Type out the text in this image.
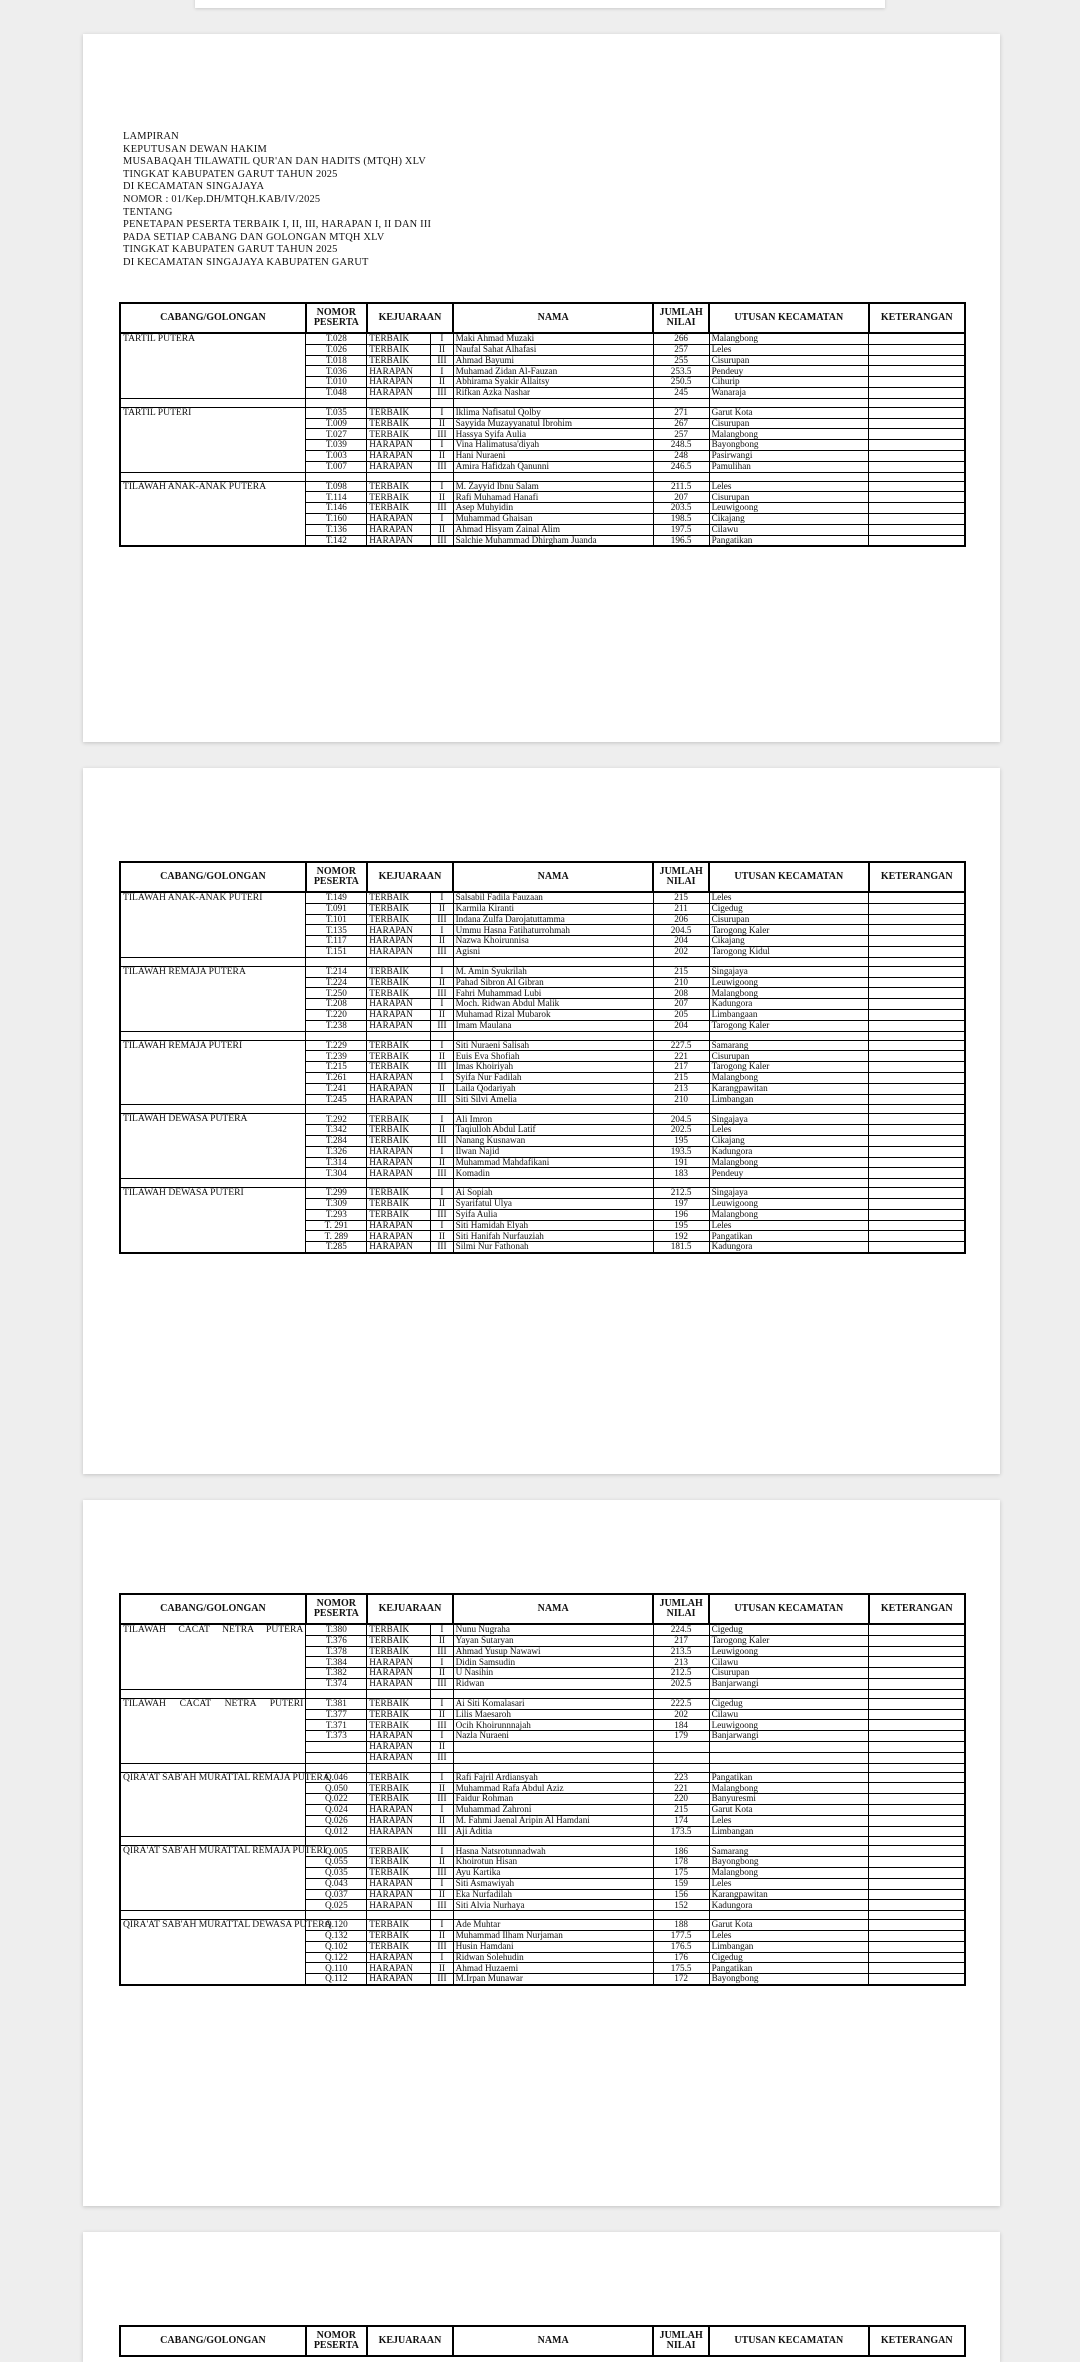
LAMPIRAN
KEPUTUSAN DEWAN HAKIM
MUSABAQAH TILAWATIL QUR'AN DAN HADITS (MTQH) XLV
TINGKAT KABUPATEN GARUT TAHUN 2025
DI KECAMATAN SINGAJAYA
NOMOR : 01/Kep.DH/MTQH.KAB/IV/2025
TENTANG
PENETAPAN PESERTA TERBAIK I, II, III, HARAPAN I, II DAN III
PADA SETIAP CABANG DAN GOLONGAN MTQH XLV
TINGKAT KABUPATEN GARUT TAHUN 2025
DI KECAMATAN SINGAJAYA KABUPATEN GARUT
CABANG/GOLONGAN	NOMOR PESERTA	KEJUARAAN		NAMA	JUMLAH NILAI	UTUSAN KECAMATAN	KETERANGAN
TARTIL PUTERA	T.028	TERBAIK	I	Maki Ahmad Muzaki	266	Malangbong	
	T.026	TERBAIK	II	Naufal Sahat Alhafasi	257	Leles	
	T.018	TERBAIK	III	Ahmad Bayumi	255	Cisurupan	
	T.036	HARAPAN	I	Muhamad Zidan Al-Fauzan	253.5	Pendeuy	
	T.010	HARAPAN	II	Abhirama Syakir Allaitsy	250.5	Cihurip	
	T.048	HARAPAN	III	Rifkan Azka Nashar	245	Wanaraja	

TARTIL PUTERI	T.035	TERBAIK	I	Iklima Nafisatul Qolby	271	Garut Kota	
	T.009	TERBAIK	II	Sayyida Muzayyanatul Ibrohim	267	Cisurupan	
	T.027	TERBAIK	III	Hassya Syifa Aulia	257	Malangbong	
	T.039	HARAPAN	I	Vina Halimatusa'diyah	248.5	Bayongbong	
	T.003	HARAPAN	II	Hani Nuraeni	248	Pasirwangi	
	T.007	HARAPAN	III	Amira Hafidzah Qanunni	246.5	Pamulihan	

TILAWAH ANAK-ANAK PUTERA	T.098	TERBAIK	I	M. Zayyid Ibnu Salam	211.5	Leles	
	T.114	TERBAIK	II	Rafi Muhamad Hanafi	207	Cisurupan	
	T.146	TERBAIK	III	Asep Muhyidin	203.5	Leuwigoong	
	T.160	HARAPAN	I	Muhammad Ghaisan	198.5	Cikajang	
	T.136	HARAPAN	II	Ahmad Hisyam Zainal Alim	197.5	Cilawu	
	T.142	HARAPAN	III	Salchie Muhammad Dhirgham Juanda	196.5	Pangatikan	
CABANG/GOLONGAN	NOMOR PESERTA	KEJUARAAN		NAMA	JUMLAH NILAI	UTUSAN KECAMATAN	KETERANGAN
TILAWAH ANAK-ANAK PUTERI	T.149	TERBAIK	I	Salsabil Fadila Fauzaan	215	Leles	
	T.091	TERBAIK	II	Karmila Kiranti	211	Cigedug	
	T.101	TERBAIK	III	Indana Zulfa Darojatuttamma	206	Cisurupan	
	T.135	HARAPAN	I	Ummu Hasna Fatihaturrohmah	204.5	Tarogong Kaler	
	T.117	HARAPAN	II	Nazwa Khoirunnisa	204	Cikajang	
	T.151	HARAPAN	III	Agisni	202	Tarogong Kidul	

TILAWAH REMAJA PUTERA	T.214	TERBAIK	I	M. Amin Syukrilah	215	Singajaya	
	T.224	TERBAIK	II	Pahad Sibron Al Gibran	210	Leuwigoong	
	T.250	TERBAIK	III	Fahri Muhammad Lubi	208	Malangbong	
	T.208	HARAPAN	I	Moch. Ridwan Abdul Malik	207	Kadungora	
	T.220	HARAPAN	II	Muhamad Rizal Mubarok	205	Limbangaan	
	T.238	HARAPAN	III	Imam Maulana	204	Tarogong Kaler	

TILAWAH REMAJA PUTERI	T.229	TERBAIK	I	Siti Nuraeni Salisah	227.5	Samarang	
	T.239	TERBAIK	II	Euis Eva Shofiah	221	Cisurupan	
	T.215	TERBAIK	III	Imas Khoiriyah	217	Tarogong Kaler	
	T.261	HARAPAN	I	Syifa Nur Fadilah	215	Malangbong	
	T.241	HARAPAN	II	Laila Qodariyah	213	Karangpawitan	
	T.245	HARAPAN	III	Siti Silvi Amelia	210	Limbangan	

TILAWAH DEWASA PUTERA	T.292	TERBAIK	I	Ali Imron	204.5	Singajaya	
	T.342	TERBAIK	II	Taqiulloh Abdul Latif	202.5	Leles	
	T.284	TERBAIK	III	Nanang Kusnawan	195	Cikajang	
	T.326	HARAPAN	I	Ilwan Najid	193.5	Kadungora	
	T.314	HARAPAN	II	Muhammad Mahdafikani	191	Malangbong	
	T.304	HARAPAN	III	Komadin	183	Pendeuy	

TILAWAH DEWASA PUTERI	T.299	TERBAIK	I	Ai Sopiah	212.5	Singajaya	
	T.309	TERBAIK	II	Syarifatul Ulya	197	Leuwigoong	
	T.293	TERBAIK	III	Syifa Aulia	196	Malangbong	
	T. 291	HARAPAN	I	Siti Hamidah Elyah	195	Leles	
	T. 289	HARAPAN	II	Siti Hanifah Nurfauziah	192	Pangatikan	
	T.285	HARAPAN	III	Silmi Nur Fathonah	181.5	Kadungora	
CABANG/GOLONGAN	NOMOR PESERTA	KEJUARAAN		NAMA	JUMLAH NILAI	UTUSAN KECAMATAN	KETERANGAN
TILAWAH CACAT NETRA PUTERA	T.380	TERBAIK	I	Nunu Nugraha	224.5	Cigedug	
	T.376	TERBAIK	II	Yayan Sutaryan	217	Tarogong Kaler	
	T.378	TERBAIK	III	Ahmad Yusup Nawawi	213.5	Leuwigoong	
	T.384	HARAPAN	I	Didin Samsudin	213	Cilawu	
	T.382	HARAPAN	II	U Nasihin	212.5	Cisurupan	
	T.374	HARAPAN	III	Ridwan	202.5	Banjarwangi	

TILAWAH CACAT NETRA PUTERI	T.381	TERBAIK	I	Ai Siti Komalasari	222.5	Cigedug	
	T.377	TERBAIK	II	Lilis Maesaroh	202	Cilawu	
	T.371	TERBAIK	III	Ocih Khoirunnnajah	184	Leuwigoong	
	T.373	HARAPAN	I	Nazla Nuraeni	179	Banjarwangi	
		HARAPAN	II				
		HARAPAN	III				

QIRA'AT SAB'AH MURATTAL REMAJA PUTERA	Q.046	TERBAIK	I	Rafi Fajril Ardiansyah	223	Pangatikan	
	Q.050	TERBAIK	II	Muhammad Rafa Abdul Aziz	221	Malangbong	
	Q.022	TERBAIK	III	Faidur Rohman	220	Banyuresmi	
	Q.024	HARAPAN	I	Muhammad Zahroni	215	Garut Kota	
	Q.026	HARAPAN	II	M. Fahmi Jaenal Aripin Al Hamdani	174	Leles	
	Q.012	HARAPAN	III	Aji Aditia	173.5	Limbangan	

QIRA'AT SAB'AH MURATTAL REMAJA PUTERI	Q.005	TERBAIK	I	Hasna Natsrotunnadwah	186	Samarang	
	Q.055	TERBAIK	II	Khoirotun Hisan	178	Bayongbong	
	Q.035	TERBAIK	III	Ayu Kartika	175	Malangbong	
	Q.043	HARAPAN	I	Siti Asmawiyah	159	Leles	
	Q.037	HARAPAN	II	Eka Nurfadilah	156	Karangpawitan	
	Q.025	HARAPAN	III	Siti Alvia Nurhaya	152	Kadungora	

QIRA'AT SAB'AH MURATTAL DEWASA PUTERA	Q.120	TERBAIK	I	Ade Muhtar	188	Garut Kota	
	Q.132	TERBAIK	II	Muhammad Ilham Nurjaman	177.5	Leles	
	Q.102	TERBAIK	III	Husin Hamdani	176.5	Limbangan	
	Q.122	HARAPAN	I	Ridwan Solehudin	176	Cigedug	
	Q.110	HARAPAN	II	Ahmad Huzaemi	175.5	Pangatikan	
	Q.112	HARAPAN	III	M.Irpan Munawar	172	Bayongbong	
CABANG/GOLONGAN	NOMOR PESERTA	KEJUARAAN	NAMA	JUMLAH NILAI	UTUSAN KECAMATAN	KETERANGAN
